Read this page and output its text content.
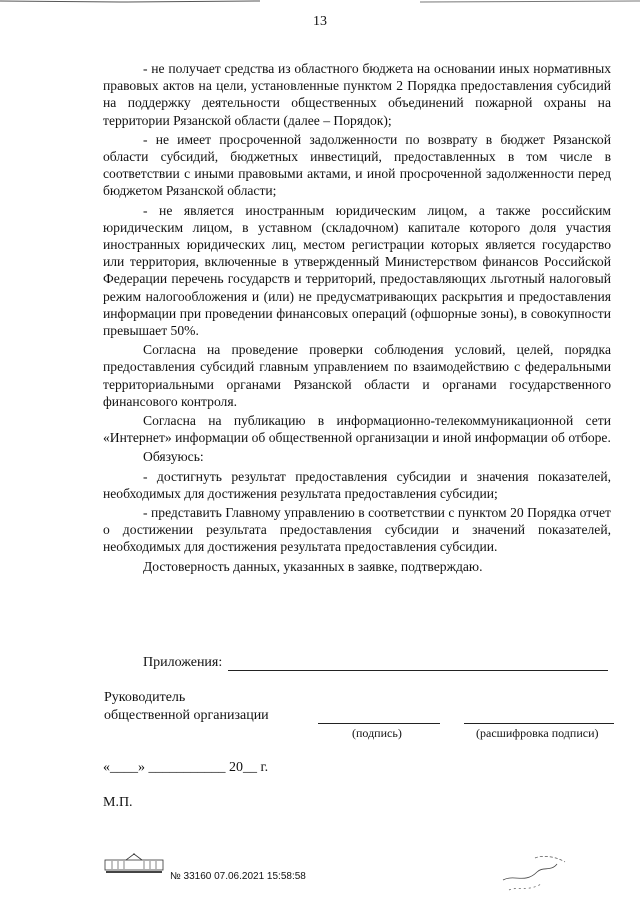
13

- не получает средства из областного бюджета на основании иных нормативных правовых актов на цели, установленные пунктом 2 Порядка предоставления субсидий на поддержку деятельности общественных объединений пожарной охраны на территории Рязанской области (далее – Порядок);

- не имеет просроченной задолженности по возврату в бюджет Рязанской области субсидий, бюджетных инвестиций, предоставленных в том числе в соответствии с иными правовыми актами, и иной просроченной задолженности перед бюджетом Рязанской области;

- не является иностранным юридическим лицом, а также российским юридическим лицом, в уставном (складочном) капитале которого доля участия иностранных юридических лиц, местом регистрации которых является государство или территория, включенные в утвержденный Министерством финансов Российской Федерации перечень государств и территорий, предоставляющих льготный налоговый режим налогообложения и (или) не предусматривающих раскрытия и предоставления информации при проведении финансовых операций (офшорные зоны), в совокупности превышает 50%.

Согласна на проведение проверки соблюдения условий, целей, порядка предоставления субсидий главным управлением по взаимодействию с федеральными территориальными органами Рязанской области и органами государственного финансового контроля.

Согласна на публикацию в информационно-телекоммуникационной сети «Интернет» информации об общественной организации и иной информации об отборе.

Обязуюсь:

- достигнуть результат предоставления субсидии и значения показателей, необходимых для достижения результата предоставления субсидии;

- представить Главному управлению в соответствии с пунктом 20 Порядка отчет о достижении результата предоставления субсидии и значений показателей, необходимых для достижения результата предоставления субсидии.

Достоверность данных, указанных в заявке, подтверждаю.

Приложения:
Руководитель
общественной организации
(подпись)	(расшифровка подписи)
«____» ___________ 20__ г.
М.П.
№ 33160 07.06.2021 15:58:58
